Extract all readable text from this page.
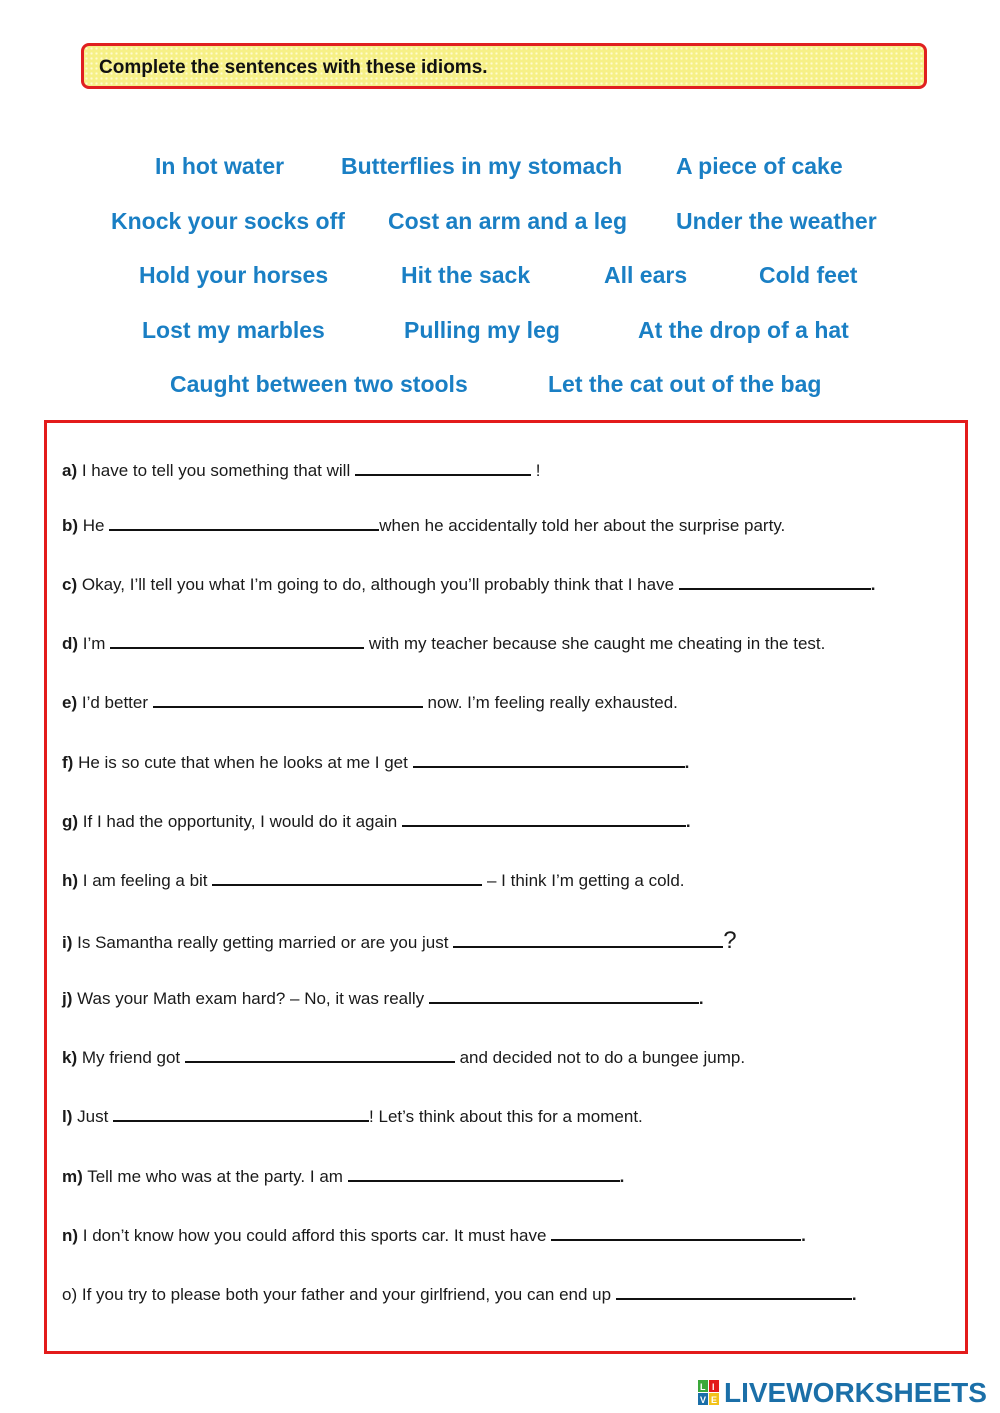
Complete the sentences with these idioms.
In hot water Butterflies in my stomach A piece of cake
Knock your socks off Cost an arm and a leg Under the weather
Hold your horses	Hit the sack	All ears	Cold feet
Lost my marbles	Pulling my leg	At the drop of a hat
Caught between two stools	Let the cat out of the bag
a) I have to tell you something that will	!
b) He	when he accidentally told her about the surprise party.
c) Okay, I’ll tell you what I’m going to do, although you’ll probably think that I have	.
d) I’m	with my teacher because she caught me cheating in the test.
e) I’d better	now. I’m feeling really exhausted.
f) He is so cute that when he looks at me I get	.
g) If I had the opportunity, I would do it again	.
h) I am feeling a bit	– I think I’m getting a cold.
i) Is Samantha really getting married or are you just	?
j) Was your Math exam hard? – No, it was really	.
k) My friend got	and decided not to do a bungee jump.
l) Just	! Let’s think about this for a moment.
m) Tell me who was at the party. I am	.
n) I don’t know how you could afford this sports car. It must have	.
o) If you try to please both your father and your girlfriend, you can end up	.
L I
V E LIVEWORKSHEETS
